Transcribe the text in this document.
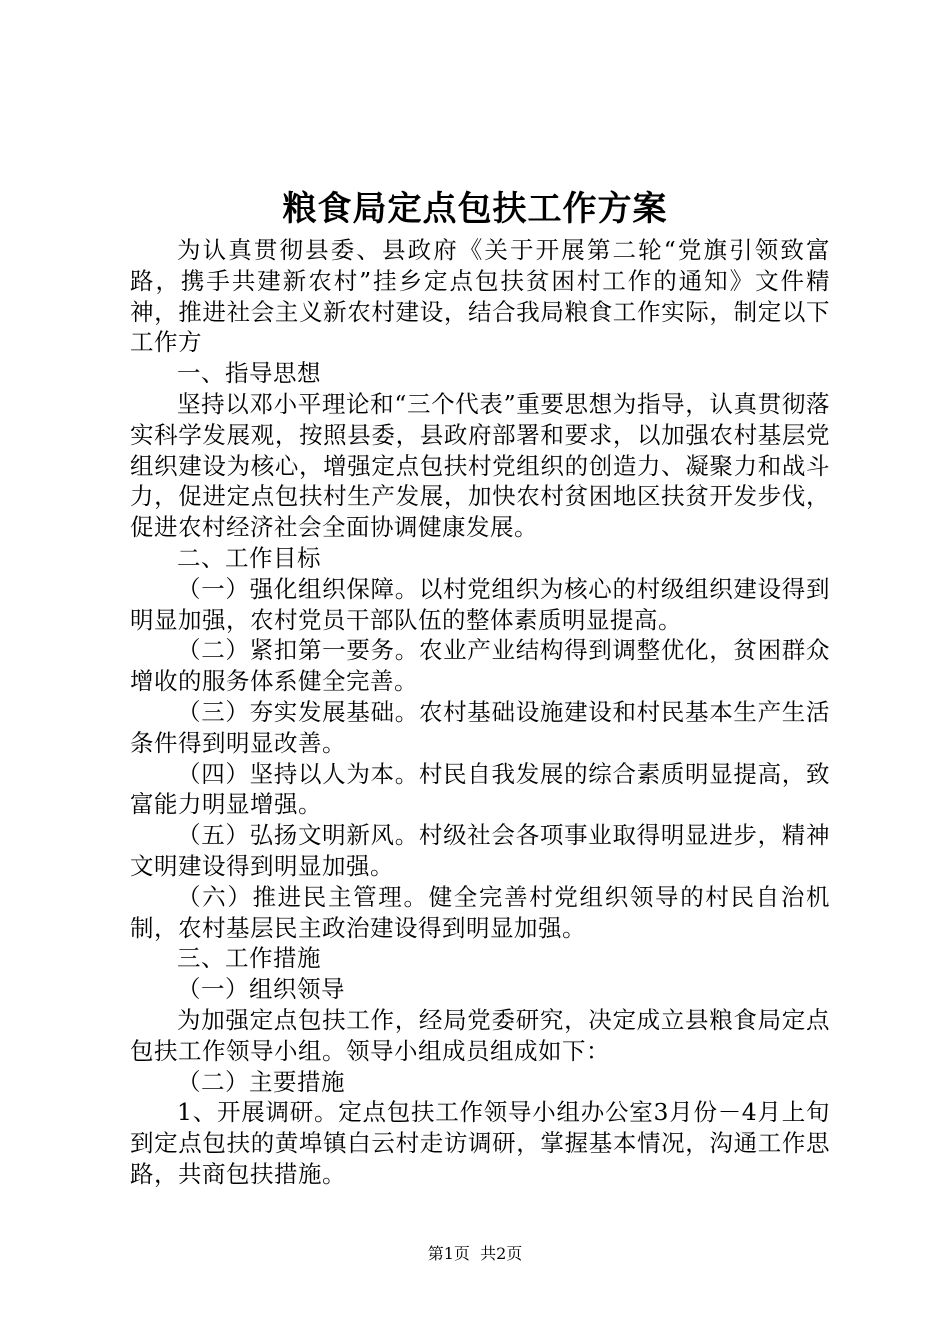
粮食局定点包扶工作方案

为认真贯彻县委、县政府《关于开展第二轮“党旗引领致富路，携手共建新农村”挂乡定点包扶贫困村工作的通知》文件精神，推进社会主义新农村建设，结合我局粮食工作实际，制定以下工作方

一、指导思想

坚持以邓小平理论和“三个代表”重要思想为指导，认真贯彻落实科学发展观，按照县委，县政府部署和要求，以加强农村基层党组织建设为核心，增强定点包扶村党组织的创造力、凝聚力和战斗力，促进定点包扶村生产发展，加快农村贫困地区扶贫开发步伐，促进农村经济社会全面协调健康发展。

二、工作目标

（一）强化组织保障。以村党组织为核心的村级组织建设得到明显加强，农村党员干部队伍的整体素质明显提高。

（二）紧扣第一要务。农业产业结构得到调整优化，贫困群众增收的服务体系健全完善。

（三）夯实发展基础。农村基础设施建设和村民基本生产生活条件得到明显改善。

（四）坚持以人为本。村民自我发展的综合素质明显提高，致富能力明显增强。

（五）弘扬文明新风。村级社会各项事业取得明显进步，精神文明建设得到明显加强。

（六）推进民主管理。健全完善村党组织领导的村民自治机制，农村基层民主政治建设得到明显加强。

三、工作措施

（一）组织领导

为加强定点包扶工作，经局党委研究，决定成立县粮食局定点包扶工作领导小组。领导小组成员组成如下：

（二）主要措施

1、开展调研。定点包扶工作领导小组办公室3月份－4月上旬到定点包扶的黄埠镇白云村走访调研，掌握基本情况，沟通工作思路，共商包扶措施。

第1页  共2页
